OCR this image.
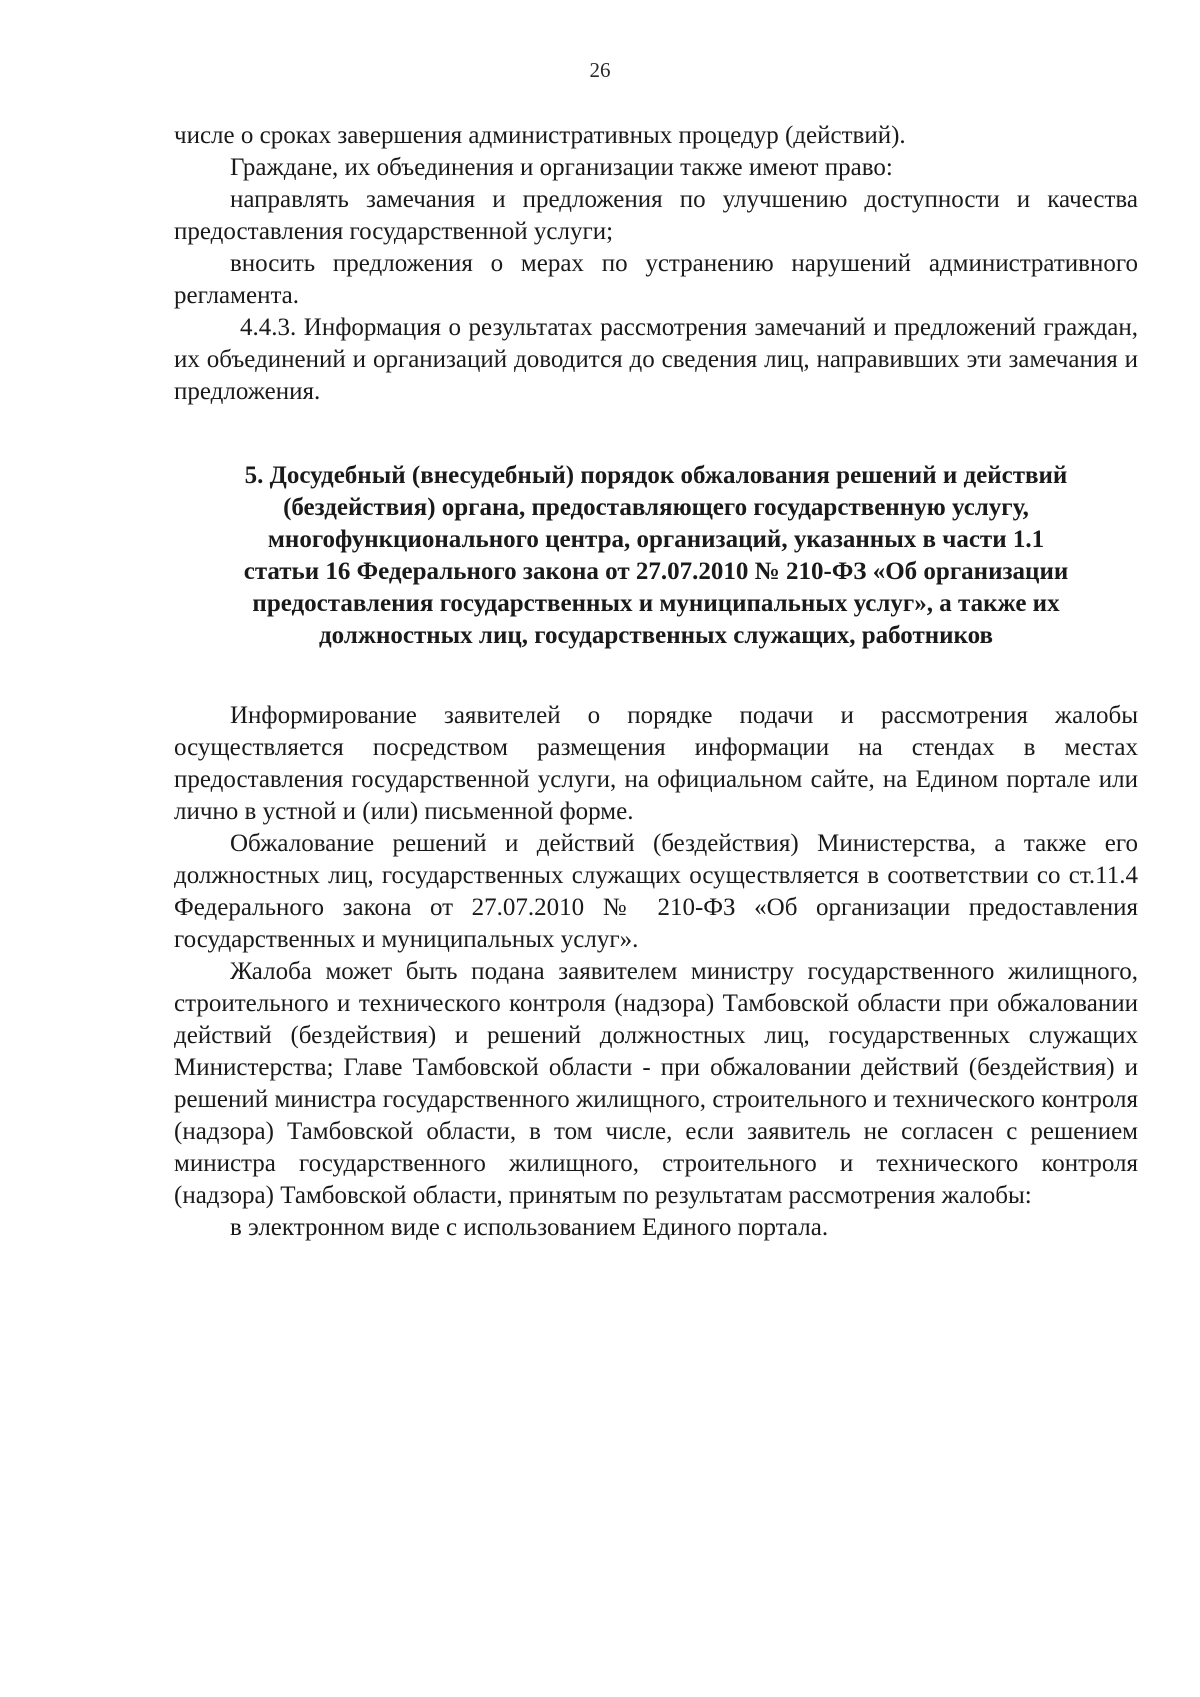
26

числе о сроках завершения административных процедур (действий).

Граждане, их объединения и организации также имеют право:

направлять замечания и предложения по улучшению доступности и качества предоставления государственной услуги;

вносить предложения о мерах по устранению нарушений административного регламента.

4.4.3. Информация о результатах рассмотрения замечаний и предложений граждан, их объединений и организаций доводится до сведения лиц, направивших эти замечания и предложения.

5. Досудебный (внесудебный) порядок обжалования решений и действий
(бездействия) органа, предоставляющего государственную услугу,
многофункционального центра, организаций, указанных в части 1.1
статьи 16 Федерального закона от 27.07.2010 № 210-ФЗ «Об организации
предоставления государственных и муниципальных услуг», а также их
должностных лиц, государственных служащих, работников

Информирование заявителей о порядке подачи и рассмотрения жалобы осуществляется посредством размещения информации на стендах в местах предоставления государственной услуги, на официальном сайте, на Едином портале или лично в устной и (или) письменной форме.

Обжалование решений и действий (бездействия) Министерства, а также его должностных лиц, государственных служащих осуществляется в соответствии со ст.11.4 Федерального закона от 27.07.2010 № 210-ФЗ «Об организации предоставления государственных и муниципальных услуг».

Жалоба может быть подана заявителем министру государственного жилищного, строительного и технического контроля (надзора) Тамбовской области при обжаловании действий (бездействия) и решений должностных лиц, государственных служащих Министерства; Главе Тамбовской области - при обжаловании действий (бездействия) и решений министра государственного жилищного, строительного и технического контроля (надзора) Тамбовской области, в том числе, если заявитель не согласен с решением министра государственного жилищного, строительного и технического контроля (надзора) Тамбовской области, принятым по результатам рассмотрения жалобы:

в электронном виде с использованием Единого портала.
